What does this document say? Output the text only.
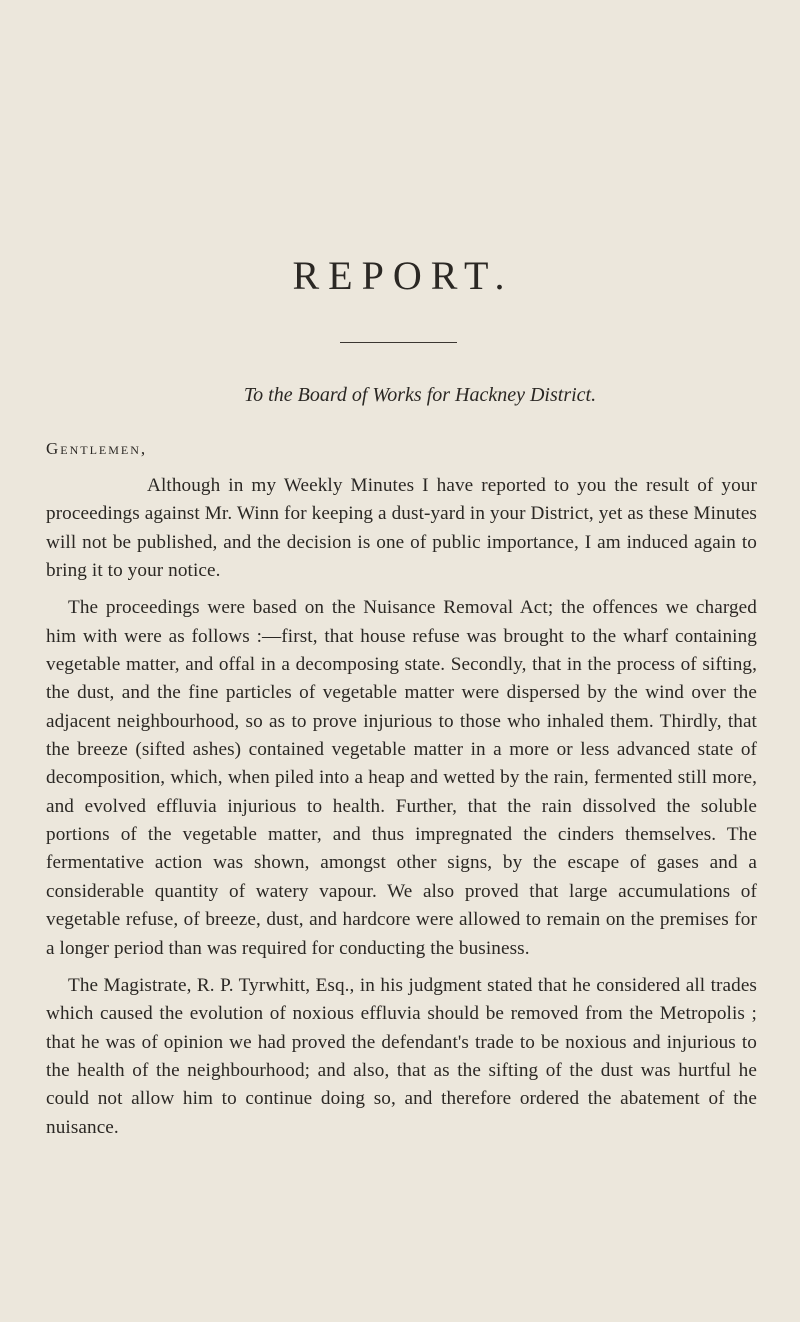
REPORT.

To the Board of Works for Hackney District.

Gentlemen,

Although in my Weekly Minutes I have reported to you the result of your proceedings against Mr. Winn for keeping a dust-yard in your District, yet as these Minutes will not be published, and the decision is one of public importance, I am induced again to bring it to your notice.

The proceedings were based on the Nuisance Removal Act; the offences we charged him with were as follows :—first, that house refuse was brought to the wharf containing vegetable matter, and offal in a decomposing state. Secondly, that in the process of sifting, the dust, and the fine particles of vegetable matter were dispersed by the wind over the adjacent neighbourhood, so as to prove injurious to those who inhaled them. Thirdly, that the breeze (sifted ashes) contained vegetable matter in a more or less advanced state of decomposition, which, when piled into a heap and wetted by the rain, fermented still more, and evolved effluvia injurious to health. Further, that the rain dissolved the soluble portions of the vegetable matter, and thus impregnated the cinders themselves. The fermentative action was shown, amongst other signs, by the escape of gases and a considerable quantity of watery vapour. We also proved that large accumulations of vegetable refuse, of breeze, dust, and hardcore were allowed to remain on the premises for a longer period than was required for conducting the business.

The Magistrate, R. P. Tyrwhitt, Esq., in his judgment stated that he considered all trades which caused the evolution of noxious effluvia should be removed from the Metropolis ; that he was of opinion we had proved the defendant's trade to be noxious and injurious to the health of the neighbourhood; and also, that as the sifting of the dust was hurtful he could not allow him to continue doing so, and therefore ordered the abatement of the nuisance.
